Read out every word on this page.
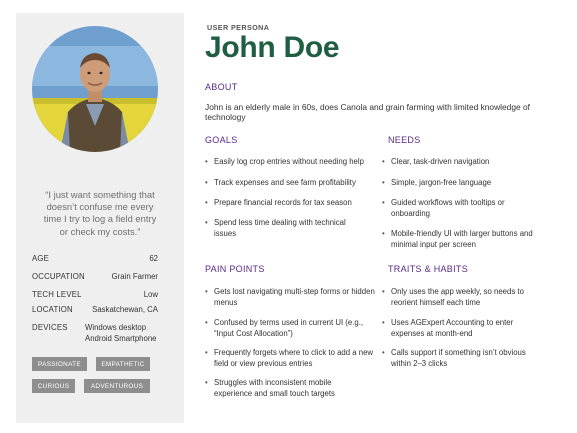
“I just want something that doesn’t confuse me every time I try to log a field entry or check my costs.”
AGE	62
OCCUPATION	Grain Farmer
TECH LEVEL	Low
LOCATION Saskatchewan, CA
DEVICES Windows desktop
Android Smartphone
PASSIONATE	EMPATHETIC
CURIOUS	ADVENTUROUS
USER PERSONA
John Doe
ABOUT
John is an elderly male in 60s, does Canola and grain farming with limited knowledge of technology
GOALS
• Easily log crop entries without needing help
• Track expenses and see farm profitability
• Prepare financial records for tax season
• Spend less time dealing with technical issues
NEEDS
• Clear, task-driven navigation
• Simple, jargon-free language
• Guided workflows with tooltips or onboarding
• Mobile-friendly UI with larger buttons and minimal input per screen
PAIN POINTS
• Gets lost navigating multi-step forms or hidden menus
• Confused by terms used in current UI (e.g., “Input Cost Allocation”)
• Frequently forgets where to click to add a new field or view previous entries
• Struggles with inconsistent mobile experience and small touch targets
TRAITS & HABITS
• Only uses the app weekly, so needs to reorient himself each time
• Uses AGExpert Accounting to enter expenses at month-end
• Calls support if something isn’t obvious within 2–3 clicks
